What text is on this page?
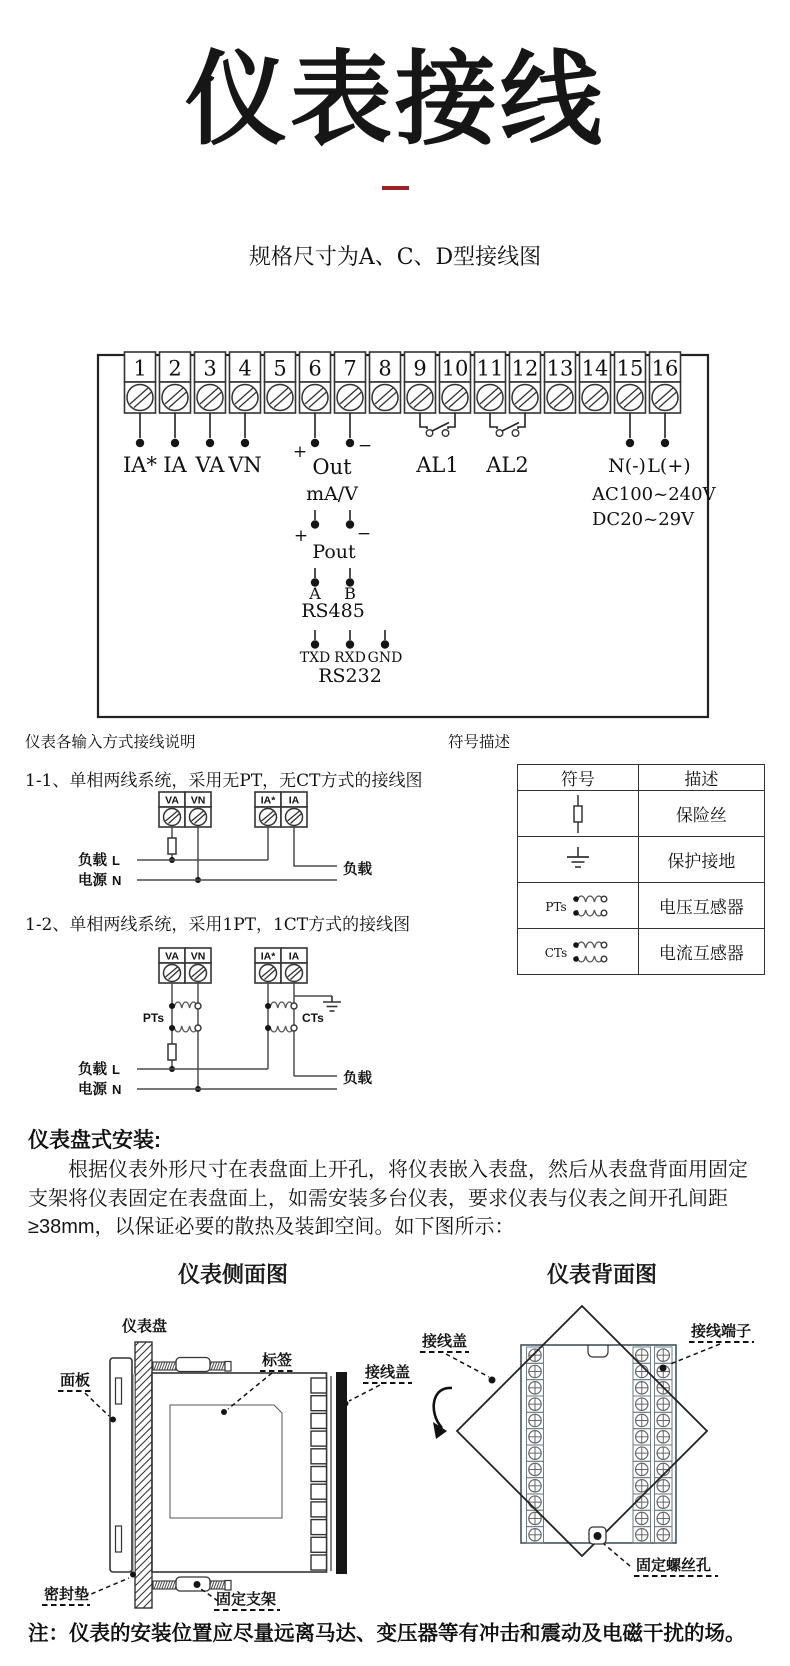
仪表接线
规格尺寸为A、C、D型接线图
1 2 3 4 5 6 7 8 9 10 11 12 13 14 15 16
IA* IA VA VN
+	−
Out
mA/V
+	−
Pout
A B
RS485
TXD RXD GND
RS232
AL1 AL2	N(-) L(+)
AC100~240V
DC20~29V
仪表各输入方式接线说明	符号描述
1-1、单相两线系统，采用无PT，无CT方式的接线图
1-2、单相两线系统，采用1PT，1CT方式的接线图
VA VN	IA* IA
负载 L
电源 N
负载
VA VN	IA* IA
PTs	CTs
负载 L
电源 N
负载
符号	描述
	保险丝
	保护接地

PTs	电压互感器

CTs	电流互感器
仪表盘式安装:
根据仪表外形尺寸在表盘面上开孔，将仪表嵌入表盘，然后从表盘背面用固定支架将仪表固定在表盘面上，如需安装多台仪表，要求仪表与仪表之间开孔间距≥38mm，以保证必要的散热及装卸空间。如下图所示：
仪表侧面图	仪表背面图
仪表盘
面板
标签
接线盖
密封垫	固定支架
接线盖
接线端子
固定螺丝孔
注：仪表的安装位置应尽量远离马达、变压器等有冲击和震动及电磁干扰的场。
